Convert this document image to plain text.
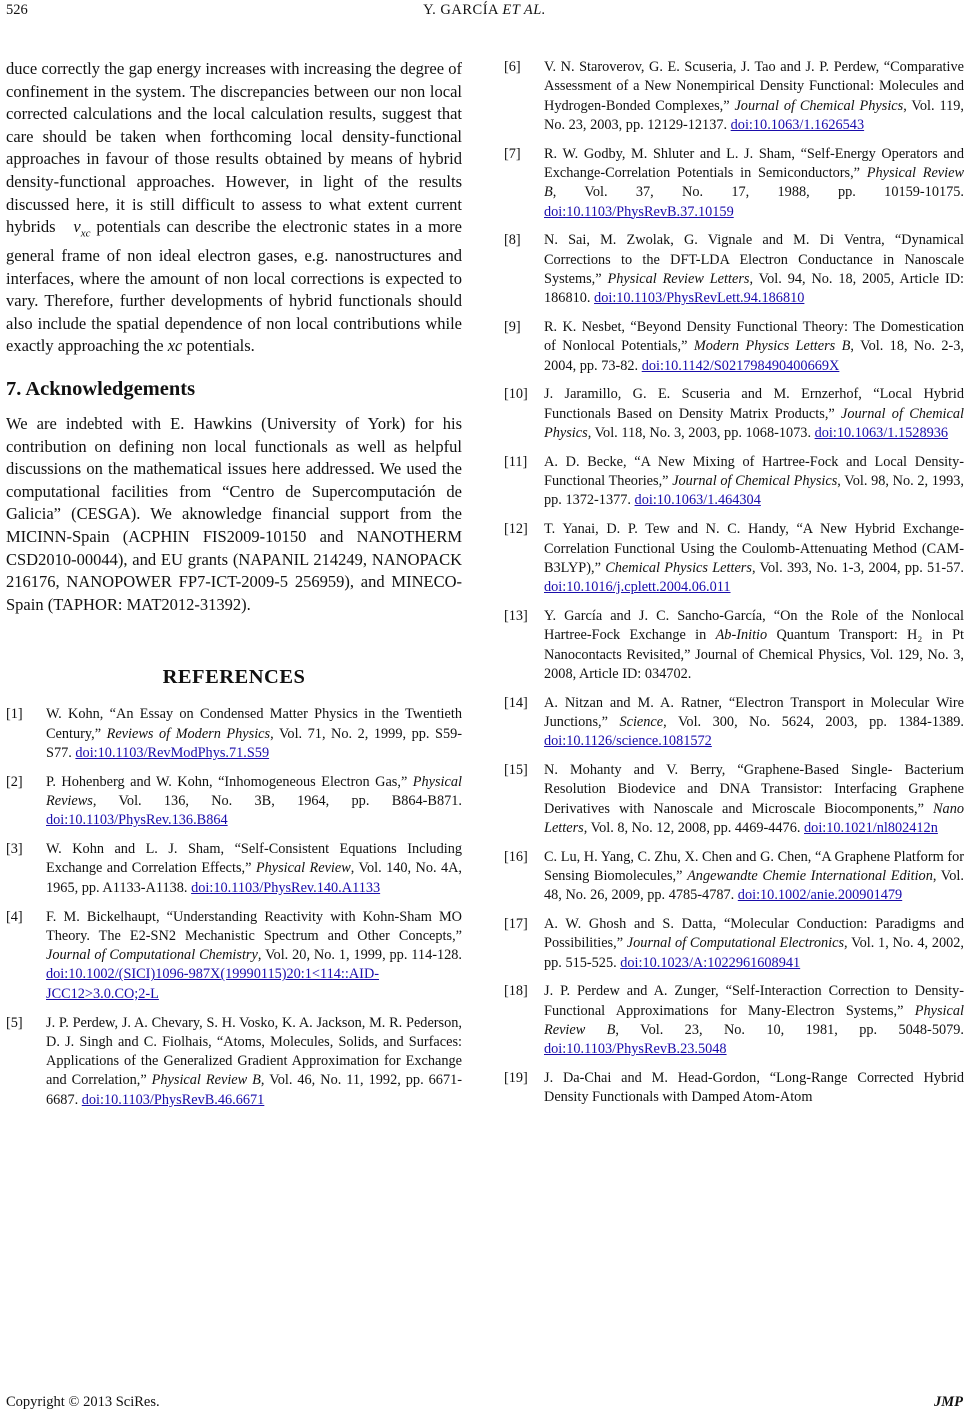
526	Y. GARCÍA ET AL.

duce correctly the gap energy increases with increasing the degree of confinement in the system. The discrepancies between our non local corrected calculations and the local calculation results, suggest that care should be taken when forthcoming local density-functional approaches in favour of those results obtained by means of hybrid density-functional approaches. However, in light of the results discussed here, it is still difficult to assess to what extent current hybrids $\nu_{xc}$ potentials can describe the electronic states in a more general frame of non ideal electron gases, e.g. nanostructures and interfaces, where the amount of non local corrections is expected to vary. Therefore, further developments of hybrid functionals should also include the spatial dependence of non local contributions while exactly approaching the xc potentials.

7. Acknowledgements

We are indebted with E. Hawkins (University of York) for his contribution on defining non local functionals as well as helpful discussions on the mathematical issues here addressed. We used the computational facilities from “Centro de Supercomputación de Galicia” (CESGA). We aknowledge financial support from the MICINN-Spain (ACPHIN FIS2009-10150 and NANOTHERM CSD2010-00044), and EU grants (NAPANIL 214249, NANOPACK 216176, NANOPOWER FP7-ICT-2009-5 256959), and MINECO-Spain (TAPHOR: MAT2012-31392).

REFERENCES
[1]	W. Kohn, “An Essay on Condensed Matter Physics in the Twentieth Century,” Reviews of Modern Physics, Vol. 71, No. 2, 1999, pp. S59-S77. doi:10.1103/RevModPhys.71.S59
[2]	P. Hohenberg and W. Kohn, “Inhomogeneous Electron Gas,” Physical Reviews, Vol. 136, No. 3B, 1964, pp. B864-B871. doi:10.1103/PhysRev.136.B864
[3]	W. Kohn and L. J. Sham, “Self-Consistent Equations Including Exchange and Correlation Effects,” Physical Review, Vol. 140, No. 4A, 1965, pp. A1133-A1138. doi:10.1103/PhysRev.140.A1133
[4]	F. M. Bickelhaupt, “Understanding Reactivity with Kohn-Sham MO Theory. The E2-SN2 Mechanistic Spectrum and Other Concepts,” Journal of Computational Chemistry, Vol. 20, No. 1, 1999, pp. 114-128. doi:10.1002/(SICI)1096-987X(19990115)20:1<114::AID-JCC12>3.0.CO;2-L
[5]	J. P. Perdew, J. A. Chevary, S. H. Vosko, K. A. Jackson, M. R. Pederson, D. J. Singh and C. Fiolhais, “Atoms, Molecules, Solids, and Surfaces: Applications of the Generalized Gradient Approximation for Exchange and Correlation,” Physical Review B, Vol. 46, No. 11, 1992, pp. 6671-6687. doi:10.1103/PhysRevB.46.6671
[6]	V. N. Staroverov, G. E. Scuseria, J. Tao and J. P. Perdew, “Comparative Assessment of a New Nonempirical Density Functional: Molecules and Hydrogen-Bonded Complexes,” Journal of Chemical Physics, Vol. 119, No. 23, 2003, pp. 12129-12137. doi:10.1063/1.1626543
[7]	R. W. Godby, M. Shluter and L. J. Sham, “Self-Energy Operators and Exchange-Correlation Potentials in Semiconductors,” Physical Review B, Vol. 37, No. 17, 1988, pp. 10159-10175. doi:10.1103/PhysRevB.37.10159
[8]	N. Sai, M. Zwolak, G. Vignale and M. Di Ventra, “Dynamical Corrections to the DFT-LDA Electron Conductance in Nanoscale Systems,” Physical Review Letters, Vol. 94, No. 18, 2005, Article ID: 186810. doi:10.1103/PhysRevLett.94.186810
[9]	R. K. Nesbet, “Beyond Density Functional Theory: The Domestication of Nonlocal Potentials,” Modern Physics Letters B, Vol. 18, No. 2-3, 2004, pp. 73-82. doi:10.1142/S021798490400669X
[10]	J. Jaramillo, G. E. Scuseria and M. Ernzerhof, “Local Hybrid Functionals Based on Density Matrix Products,” Journal of Chemical Physics, Vol. 118, No. 3, 2003, pp. 1068-1073. doi:10.1063/1.1528936
[11]	A. D. Becke, “A New Mixing of Hartree-Fock and Local Density-Functional Theories,” Journal of Chemical Physics, Vol. 98, No. 2, 1993, pp. 1372-1377. doi:10.1063/1.464304
[12]	T. Yanai, D. P. Tew and N. C. Handy, “A New Hybrid Exchange-Correlation Functional Using the Coulomb-Attenuating Method (CAM-B3LYP),” Chemical Physics Letters, Vol. 393, No. 1-3, 2004, pp. 51-57. doi:10.1016/j.cplett.2004.06.011
[13]	Y. García and J. C. Sancho-García, “On the Role of the Nonlocal Hartree-Fock Exchange in Ab-Initio Quantum Transport: H₂ in Pt Nanocontacts Revisited,” Journal of Chemical Physics, Vol. 129, No. 3, 2008, Article ID: 034702.
[14]	A. Nitzan and M. A. Ratner, “Electron Transport in Molecular Wire Junctions,” Science, Vol. 300, No. 5624, 2003, pp. 1384-1389. doi:10.1126/science.1081572
[15]	N. Mohanty and V. Berry, “Graphene-Based Single- Bacterium Resolution Biodevice and DNA Transistor: Interfacing Graphene Derivatives with Nanoscale and Microscale Biocomponents,” Nano Letters, Vol. 8, No. 12, 2008, pp. 4469-4476. doi:10.1021/nl802412n
[16]	C. Lu, H. Yang, C. Zhu, X. Chen and G. Chen, “A Graphene Platform for Sensing Biomolecules,” Angewandte Chemie International Edition, Vol. 48, No. 26, 2009, pp. 4785-4787. doi:10.1002/anie.200901479
[17]	A. W. Ghosh and S. Datta, “Molecular Conduction: Paradigms and Possibilities,” Journal of Computational Electronics, Vol. 1, No. 4, 2002, pp. 515-525. doi:10.1023/A:1022961608941
[18]	J. P. Perdew and A. Zunger, “Self-Interaction Correction to Density-Functional Approximations for Many-Electron Systems,” Physical Review B, Vol. 23, No. 10, 1981, pp. 5048-5079. doi:10.1103/PhysRevB.23.5048
[19]	J. Da-Chai and M. Head-Gordon, “Long-Range Corrected Hybrid Density Functionals with Damped Atom-Atom
Copyright © 2013 SciRes.	JMP
